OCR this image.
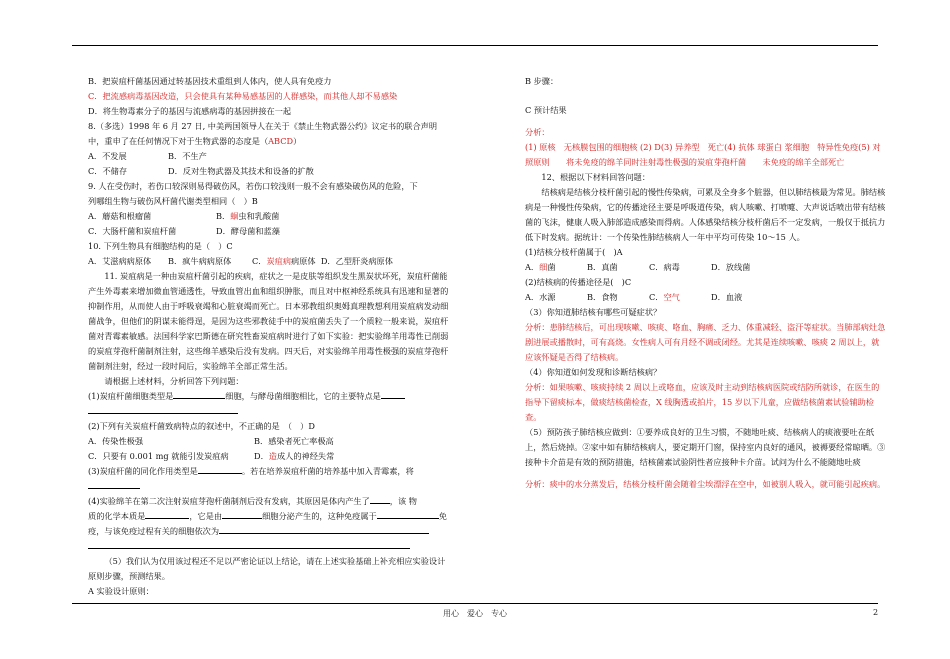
B．把炭疽杆菌基因通过转基因技术重组到人体内，使人具有免疫力
C．把流感病毒基因改造，只会使具有某种易感基因的人群感染，而其他人却不易感染
D．将生物毒素分子的基因与流感病毒的基因拼接在一起
8.（多选）1998 年 6 月 27 日, 中美两国领导人在关于《禁止生物武器公约》议定书的联合声明
中，重申了在任何情况下对于生物武器的态度是（ABCD）
A．不发展	B．不生产
C．不储存	D．反对生物武器及其技术和设备的扩散
9. 人在受伤时，若伤口较深则易得破伤风，若伤口较浅则一般不会有感染破伤风的危险，下
列哪组生物与破伤风杆菌代谢类型相同（　）B
A．蘑菇和根瘤菌	B．蛔虫和乳酸菌
C．大肠杆菌和炭疽杆菌	D．酵母菌和蓝藻
10. 下列生物具有细胞结构的是（　）C
A．艾滋病病原体 B．疯牛病病原体	C．炭疽病病原体 D．乙型肝炎病原体
11. 炭疽病是一种由炭疽杆菌引起的疾病，症状之一是皮肤等组织发生黑炭状坏死，炭疽杆菌能产生外毒素来增加微血管通透性，导致血管出血和组织肿胀，而且对中枢神经系统具有迅速和显著的抑制作用，从而使人由于呼吸衰竭和心脏衰竭而死亡。日本邪教组织奥姆真理教想利用炭疽病发动细菌战争，但他们的阴谋未能得逞，是因为这些邪教徒手中的炭疽菌丢失了一个质粒一般来说，炭疽杆菌对青霉素敏感。法国科学家巴斯德在研究牲畜炭疽病时进行了如下实验：把实验绵羊用毒性已削弱的炭疽芽孢杆菌制剂注射，这些绵羊感染后没有发病。四天后，对实验绵羊用毒性极强的炭疽芽孢杆菌制剂注射，经过一段时间后，实验绵羊全部正常生活。
请根据上述材料，分析回答下列问题：
(1)炭疽杆菌细胞类型是	细胞，与酵母菌细胞相比，它的主要特点是
(2)下列有关炭疽杆菌致病特点的叙述中，不正确的是　（　）D
A．传染性极强	B．感染者死亡率极高
C．只要有 0.001 mg 就能引发炭疽病	D．造成人的神经失常
(3)炭疽杆菌的同化作用类型是	。若在培养炭疽杆菌的培养基中加入青霉素，将
(4)实验绵羊在第二次注射炭疽芽孢杆菌制剂后没有发病，其原因是体内产生了 ，该 物
质的化学本质是	，它是由	细胞分泌产生的，这种免疫属于	免
疫，与该免疫过程有关的细胞依次为
（5）我们认为仅用该过程还不足以严密论证以上结论，请在上述实验基础上补充相应实验设计原则步骤，预测结果。
A 实验设计原则：
B 步骤：
C 预计结果
分析：
(1) 原核　无核膜包围的细胞核 (2) D(3) 异养型　死亡(4) 抗体 球蛋白 浆细胞　特异性免疫(5) 对照原则　　将未免疫的绵羊同时注射毒性极强的炭疽芽孢杆菌　　未免疫的绵羊全部死亡
12、根据以下材料回答问题：
结核病是结核分枝杆菌引起的慢性传染病，可累及全身多个脏器，但以肺结核最为常见。肺结核病是一种慢性传染病，它的传播途径主要是呼吸道传染，病人咳嗽、打喷嚏、大声说话喷出带有结核菌的飞沫，健康人吸入肺部造成感染而得病。人体感染结核分枝杆菌后不一定发病，一般仅于抵抗力低下时发病。据统计：一个传染性肺结核病人一年中平均可传染 10～15 人。
(1)结核分枝杆菌属于(　)A
A．细菌	B．真菌	C．病毒	D．放线菌
(2)结核病的传播途径是(　)C
A．水源	B．食物	C．空气	D．血液
（3）你知道肺结核有哪些可疑症状？
分析：患肺结核后，可出现咳嗽、咳痰、咯血、胸痛、乏力、体重减轻、盗汗等症状。当肺部病灶急剧进展或播散时，可有高烧。女性病人可有月经不调或闭经。尤其是连续咳嗽、咳痰 2 周以上，就应该怀疑是否得了结核病。
（4）你知道如何发现和诊断结核病？
分析：如果咳嗽、咳痰持续 2 周以上或咯血，应该及时主动到结核病医院或结防所就诊，在医生的指导下留痰标本，做痰结核菌检查，X 线胸透或拍片，15 岁以下儿童，应做结核菌素试验辅助检查。
（5）预防孩子肺结核应做到：①要养成良好的卫生习惯，不随地吐痰、结核病人的痰液要吐在纸上，然后烧掉。②家中如有肺结核病人，要定期开门窗，保持室内良好的通风，被褥要经常晾晒。③接种卡介苗是有效的预防措施，结核菌素试验阴性者应接种卡介苗。试问为什么不能随地吐痰
分析：痰中的水分蒸发后，结核分枝杆菌会随着尘埃漂浮在空中，如被别人吸入，就可能引起疾病。
用心　爱心　专心	2
